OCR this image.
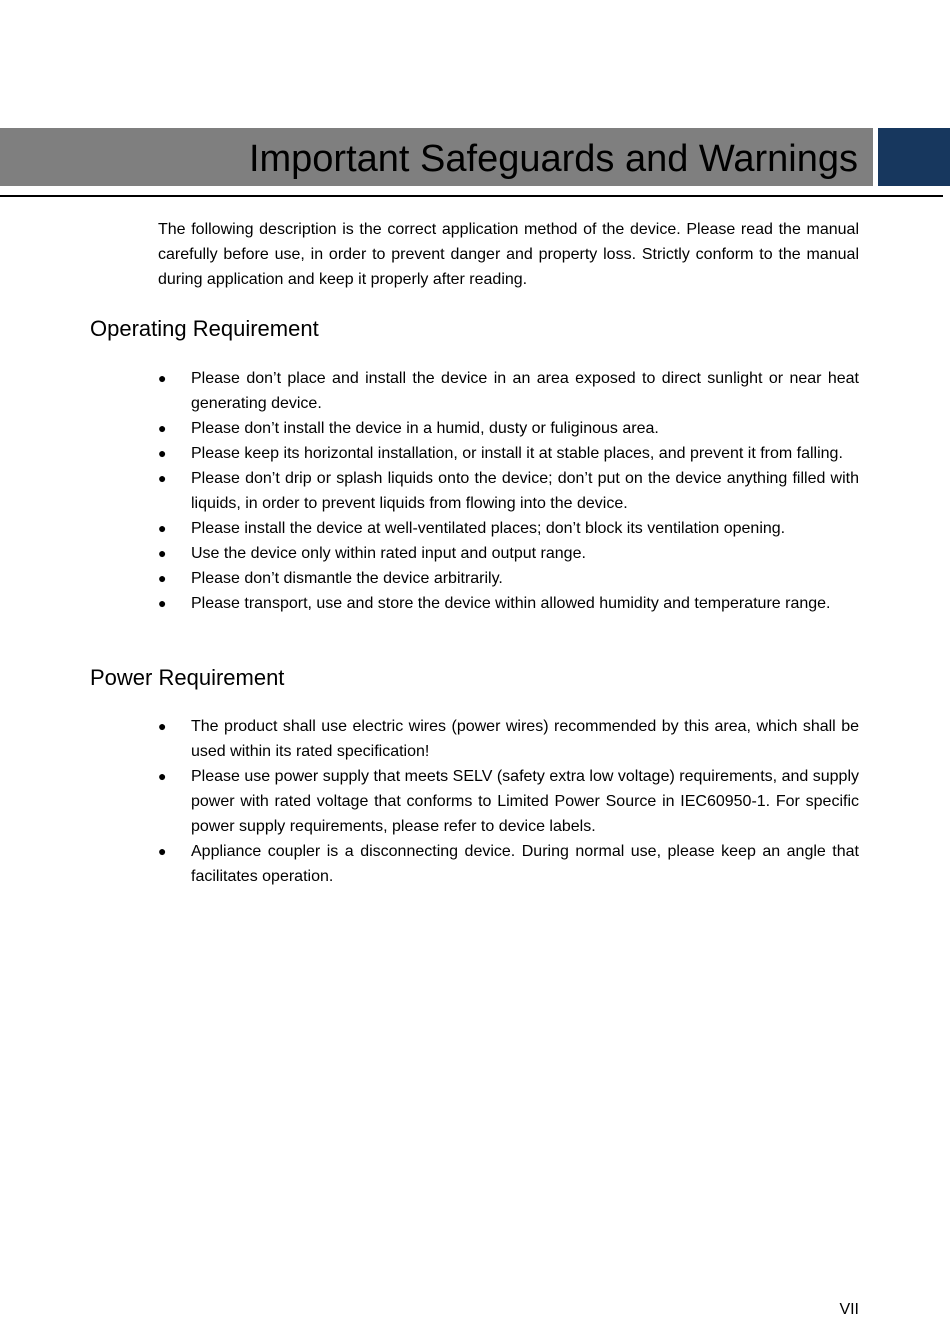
Important Safeguards and Warnings

The following description is the correct application method of the device. Please read the manual carefully before use, in order to prevent danger and property loss. Strictly conform to the manual during application and keep it properly after reading.

Operating Requirement
● Please don’t place and install the device in an area exposed to direct sunlight or near heat generating device.
● Please don’t install the device in a humid, dusty or fuliginous area.
● Please keep its horizontal installation, or install it at stable places, and prevent it from falling.
● Please don’t drip or splash liquids onto the device; don’t put on the device anything filled with liquids, in order to prevent liquids from flowing into the device.
● Please install the device at well-ventilated places; don’t block its ventilation opening.
● Use the device only within rated input and output range.
● Please don’t dismantle the device arbitrarily.
● Please transport, use and store the device within allowed humidity and temperature range.
Power Requirement
● The product shall use electric wires (power wires) recommended by this area, which shall be used within its rated specification!
● Please use power supply that meets SELV (safety extra low voltage) requirements, and supply power with rated voltage that conforms to Limited Power Source in IEC60950-1. For specific power supply requirements, please refer to device labels.
● Appliance coupler is a disconnecting device. During normal use, please keep an angle that facilitates operation.
VII
